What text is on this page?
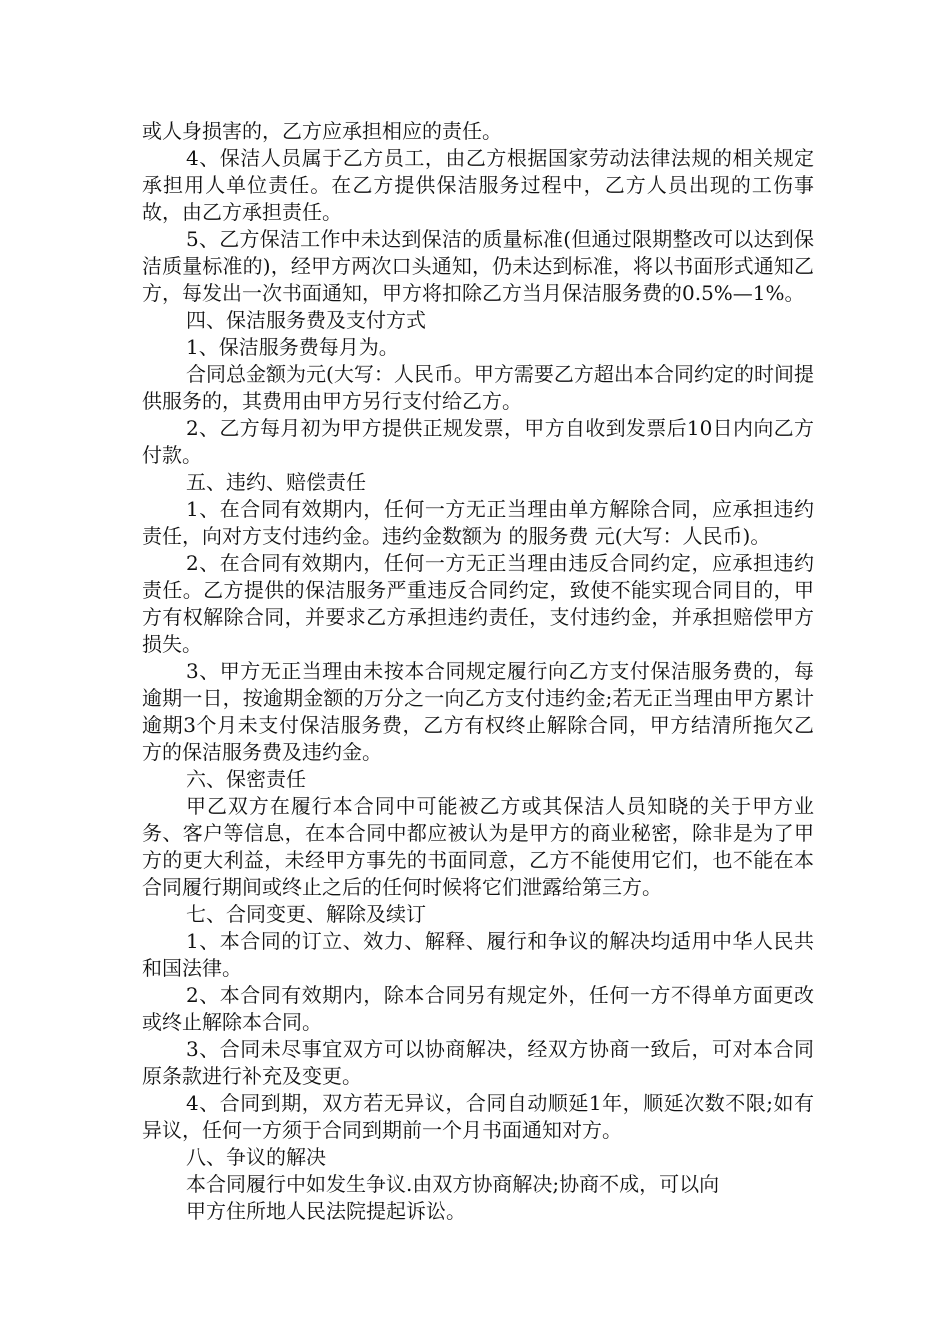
或人身损害的，乙方应承担相应的责任。

4、保洁人员属于乙方员工，由乙方根据国家劳动法律法规的相关规定承担用人单位责任。在乙方提供保洁服务过程中，乙方人员出现的工伤事故，由乙方承担责任。

5、乙方保洁工作中未达到保洁的质量标准(但通过限期整改可以达到保洁质量标准的)，经甲方两次口头通知，仍未达到标准，将以书面形式通知乙方，每发出一次书面通知，甲方将扣除乙方当月保洁服务费的0.5%—1%。

四、保洁服务费及支付方式

1、保洁服务费每月为。

合同总金额为元(大写：人民币。甲方需要乙方超出本合同约定的时间提供服务的，其费用由甲方另行支付给乙方。

2、乙方每月初为甲方提供正规发票，甲方自收到发票后10日内向乙方付款。

五、违约、赔偿责任

1、在合同有效期内，任何一方无正当理由单方解除合同，应承担违约责任，向对方支付违约金。违约金数额为 的服务费 元(大写：人民币)。

2、在合同有效期内，任何一方无正当理由违反合同约定，应承担违约责任。乙方提供的保洁服务严重违反合同约定，致使不能实现合同目的，甲方有权解除合同，并要求乙方承担违约责任，支付违约金，并承担赔偿甲方损失。

3、甲方无正当理由未按本合同规定履行向乙方支付保洁服务费的，每逾期一日，按逾期金额的万分之一向乙方支付违约金;若无正当理由甲方累计逾期3个月未支付保洁服务费，乙方有权终止解除合同，甲方结清所拖欠乙方的保洁服务费及违约金。

六、保密责任

甲乙双方在履行本合同中可能被乙方或其保洁人员知晓的关于甲方业务、客户等信息，在本合同中都应被认为是甲方的商业秘密，除非是为了甲方的更大利益，未经甲方事先的书面同意，乙方不能使用它们，也不能在本合同履行期间或终止之后的任何时候将它们泄露给第三方。

七、合同变更、解除及续订

1、本合同的订立、效力、解释、履行和争议的解决均适用中华人民共和国法律。

2、本合同有效期内，除本合同另有规定外，任何一方不得单方面更改或终止解除本合同。

3、合同未尽事宜双方可以协商解决，经双方协商一致后，可对本合同原条款进行补充及变更。

4、合同到期，双方若无异议，合同自动顺延1年，顺延次数不限;如有异议，任何一方须于合同到期前一个月书面通知对方。

八、争议的解决

本合同履行中如发生争议.由双方协商解决;协商不成，可以向

甲方住所地人民法院提起诉讼。
